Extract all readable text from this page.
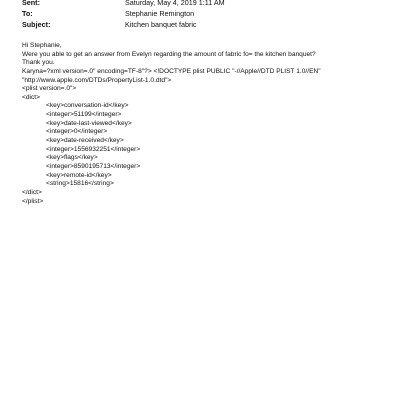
Sent:	Saturday, May 4, 2019 1:11 AM
To:	Stephanie Remington
Subject:	Kitchen banquet fabric
Hi Stephanie,
Were you able to get an answer from Evelyn regarding the amount of fabric fo= the kitchen banquet?
Thank you.
Karyna=?xml version=.0" encoding=TF-8"?> <!DOCTYPE plist PUBLIC "-//Apple//DTD PLIST 1.0//EN"
"http://www.apple.com/DTDs/PropertyList-1.0.dtd">
<plist version=.0">
<dict>
<key>conversation-id</key>
<integer>51199</integer>
<key>date-last-viewed</key>
<integer>0</integer>
<key>date-received</key>
<integer>1556932251</integer>
<key>flags</key>
<integer>8590195713</integer>
<key>remote-id</key>
<string>15816</string>
</dict>
</plist>
